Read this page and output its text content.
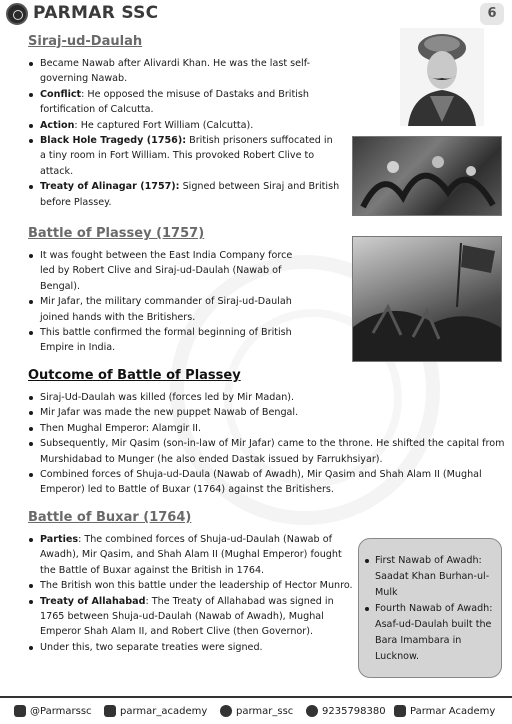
PARMAR SSC	6
Siraj-ud-Daulah
Became Nawab after Alivardi Khan. He was the last self-governing Nawab.
Conflict: He opposed the misuse of Dastaks and British fortification of Calcutta.
Action: He captured Fort William (Calcutta).
Black Hole Tragedy (1756): British prisoners suffocated in a tiny room in Fort William. This provoked Robert Clive to attack.
Treaty of Alinagar (1757): Signed between Siraj and British before Plassey.
Battle of Plassey (1757)
It was fought between the East India Company force led by Robert Clive and Siraj-ud-Daulah (Nawab of Bengal).
Mir Jafar, the military commander of Siraj-ud-Daulah joined hands with the Britishers.
This battle confirmed the formal beginning of British Empire in India.
Outcome of Battle of Plassey
Siraj-Ud-Daulah was killed (forces led by Mir Madan).
Mir Jafar was made the new puppet Nawab of Bengal.
Then Mughal Emperor: Alamgir II.
Subsequently, Mir Qasim (son-in-law of Mir Jafar) came to the throne. He shifted the capital from Murshidabad to Munger (he also ended Dastak issued by Farrukhsiyar).
Combined forces of Shuja-ud-Daula (Nawab of Awadh), Mir Qasim and Shah Alam II (Mughal Emperor) led to Battle of Buxar (1764) against the Britishers.
Battle of Buxar (1764)
Parties: The combined forces of Shuja-ud-Daulah (Nawab of Awadh), Mir Qasim, and Shah Alam II (Mughal Emperor) fought the Battle of Buxar against the British in 1764.
The British won this battle under the leadership of Hector Munro.
Treaty of Allahabad: The Treaty of Allahabad was signed in 1765 between Shuja-ud-Daulah (Nawab of Awadh), Mughal Emperor Shah Alam II, and Robert Clive (then Governor).
Under this, two separate treaties were signed.
First Nawab of Awadh: Saadat Khan Burhan-ul-Mulk
Fourth Nawab of Awadh: Asaf-ud-Daulah built the Bara Imambara in Lucknow.
@Parmarssc	parmar_academy	parmar_ssc	9235798380 Parmar Academy
